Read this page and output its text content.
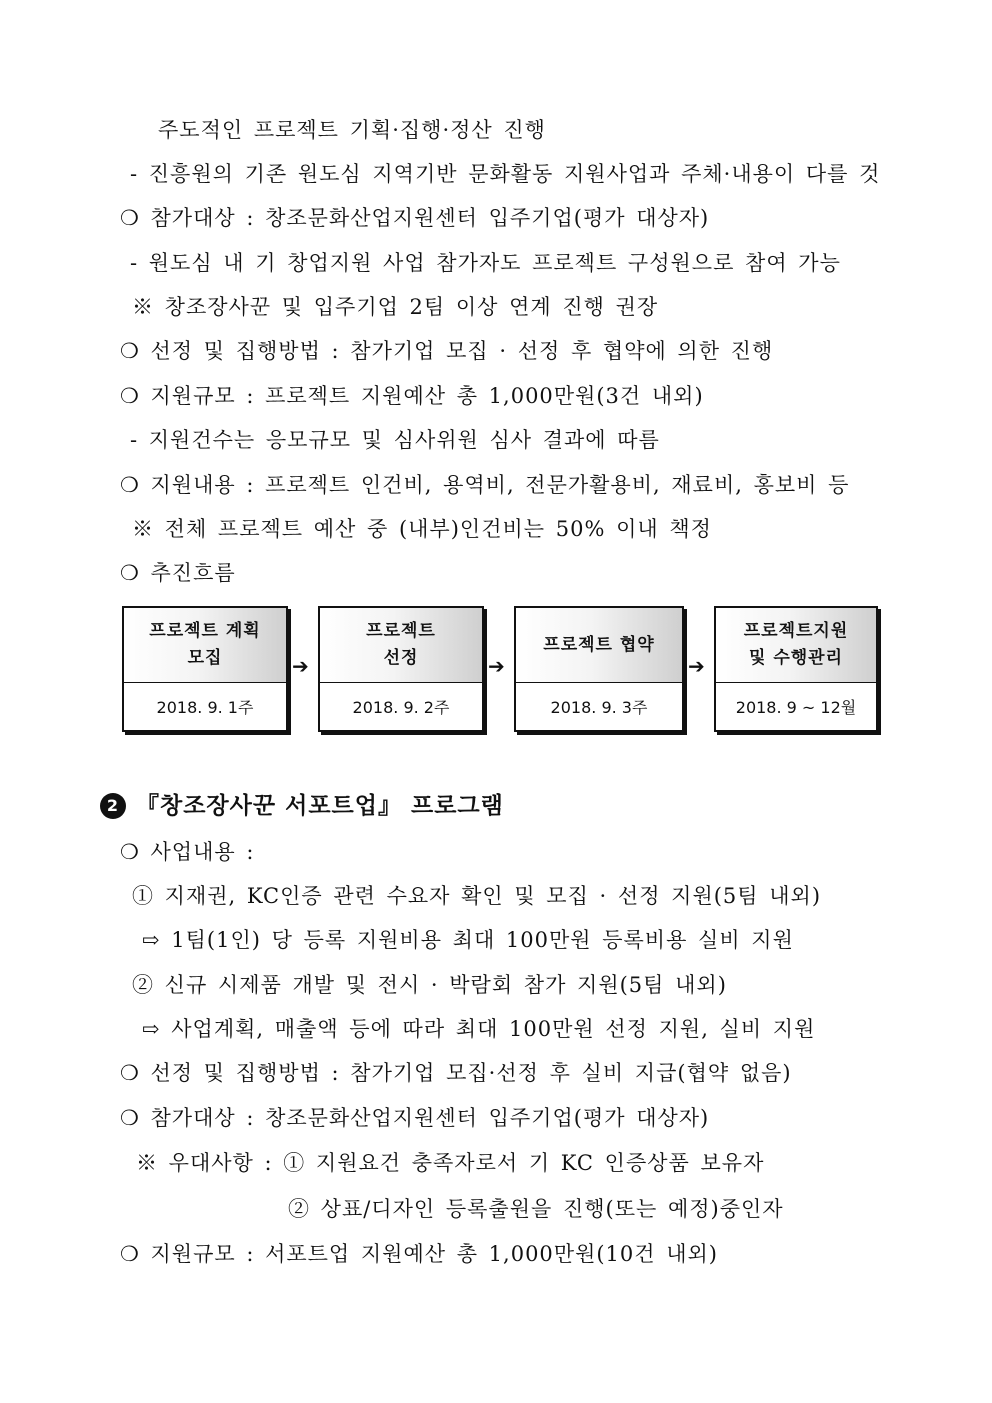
주도적인 프로젝트 기획·집행·정산 진행
- 진흥원의 기존 원도심 지역기반 문화활동 지원사업과 주체·내용이 다를 것
❍ 참가대상 : 창조문화산업지원센터 입주기업(평가 대상자)
- 원도심 내 기 창업지원 사업 참가자도 프로젝트 구성원으로 참여 가능
※ 창조장사꾼 및 입주기업 2팀 이상 연계 진행 권장
❍ 선정 및 집행방법 : 참가기업 모집 · 선정 후 협약에 의한 진행
❍ 지원규모 : 프로젝트 지원예산 총 1,000만원(3건 내외)
- 지원건수는 응모규모 및 심사위원 심사 결과에 따름
❍ 지원내용 : 프로젝트 인건비, 용역비, 전문가활용비, 재료비, 홍보비 등
※ 전체 프로젝트 예산 중 (내부)인건비는 50% 이내 책정
❍ 추진흐름
프로젝트 계획
모집
2018. 9. 1주
➔
프로젝트
선정
2018. 9. 2주
➔
프로젝트 협약
2018. 9. 3주
➔
프로젝트지원
및 수행관리
2018. 9 ~ 12월
2 『창조장사꾼 서포트업』 프로그램
❍ 사업내용 :
① 지재권, KC인증 관련 수요자 확인 및 모집 · 선정 지원(5팀 내외)
⇨ 1팀(1인) 당 등록 지원비용 최대 100만원 등록비용 실비 지원
② 신규 시제품 개발 및 전시 · 박람회 참가 지원(5팀 내외)
⇨ 사업계획, 매출액 등에 따라 최대 100만원 선정 지원, 실비 지원
❍ 선정 및 집행방법 : 참가기업 모집·선정 후 실비 지급(협약 없음)
❍ 참가대상 : 창조문화산업지원센터 입주기업(평가 대상자)
※ 우대사항 : ① 지원요건 충족자로서 기 KC 인증상품 보유자
② 상표/디자인 등록출원을 진행(또는 예정)중인자
❍ 지원규모 : 서포트업 지원예산 총 1,000만원(10건 내외)
